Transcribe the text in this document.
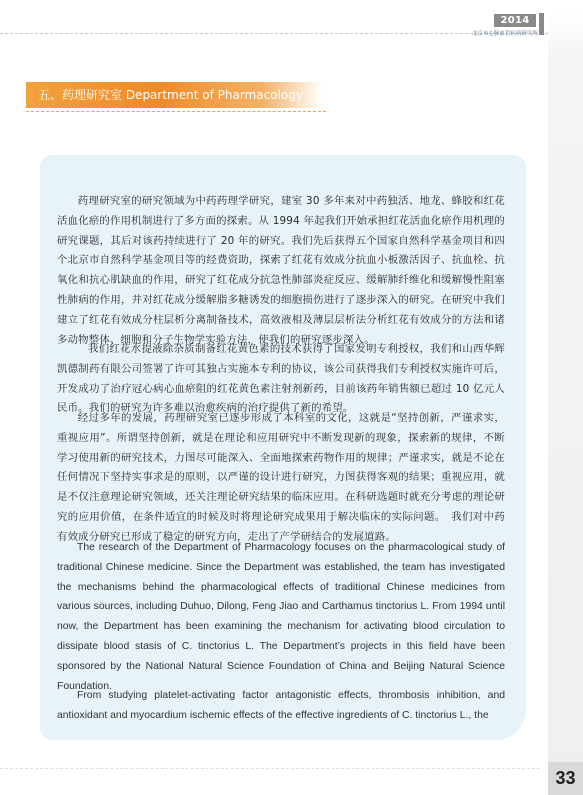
2014
北京市心肺血管疾病研究所
五、药理研究室 Department of Pharmacology

药理研究室的研究领域为中药药理学研究，建室 30 多年来对中药独活、地龙、蜂胶和红花活血化瘀的作用机制进行了多方面的探索。从 1994 年起我们开始承担红花活血化瘀作用机理的研究课题，其后对该药持续进行了 20 年的研究。我们先后获得五个国家自然科学基金项目和四个北京市自然科学基金项目等的经费资助，探索了红花有效成分抗血小板激活因子、抗血栓、抗氧化和抗心肌缺血的作用，研究了红花成分抗急性肺部炎症反应、缓解肺纤维化和缓解慢性阻塞性肺病的作用，并对红花成分缓解脂多糖诱发的细胞损伤进行了逐步深入的研究。在研究中我们建立了红花有效成分柱层析分离制备技术，高效液相及薄层层析法分析红花有效成分的方法和诸多动物整体、细胞和分子生物学实验方法，使我们的研究逐步深入。

我们红花水提液除杂质制备红花黄色素的技术获得了国家发明专利授权，我们和山西华辉凯德制药有限公司签署了许可其独占实施本专利的协议，该公司获得我们专利授权实施许可后，开发成功了治疗冠心病心血瘀阻的红花黄色素注射剂新药，目前该药年销售额已超过 10 亿元人民币。我们的研究为许多难以治愈疾病的治疗提供了新的希望。

经过多年的发展，药理研究室已逐步形成了本科室的文化，这就是“坚持创新，严谨求实，重视应用”。所谓坚持创新，就是在理论和应用研究中不断发现新的现象，探索新的规律，不断学习使用新的研究技术，力图尽可能深入、全面地探索药物作用的规律；严谨求实，就是不论在任何情况下坚持实事求是的原则，以严谨的设计进行研究，力图获得客观的结果；重视应用，就是不仅注意理论研究领域，还关注理论研究结果的临床应用。在科研选题时就充分考虑的理论研究的应用价值，在条件适宜的时候及时将理论研究成果用于解决临床的实际问题。　我们对中药有效成分研究已形成了稳定的研究方向，走出了产学研结合的发展道路。

The research of the Department of Pharmacology focuses on the pharmacological study of traditional Chinese medicine. Since the Department was established, the team has investigated the mechanisms behind the pharmacological effects of traditional Chinese medicines from various sources, including Duhuo, Dilong, Feng Jiao and Carthamus tinctorius L. From 1994 until now, the Department has been examining the mechanism for activating blood circulation to dissipate blood stasis of C. tinctorius L. The Department’s projects in this field have been sponsored by the National Natural Science Foundation of China and Beijing Natural Science Foundation.

From studying platelet-activating factor antagonistic effects, thrombosis inhibition, and antioxidant and myocardium ischemic effects of the effective ingredients of C. tinctorius L., the

33
